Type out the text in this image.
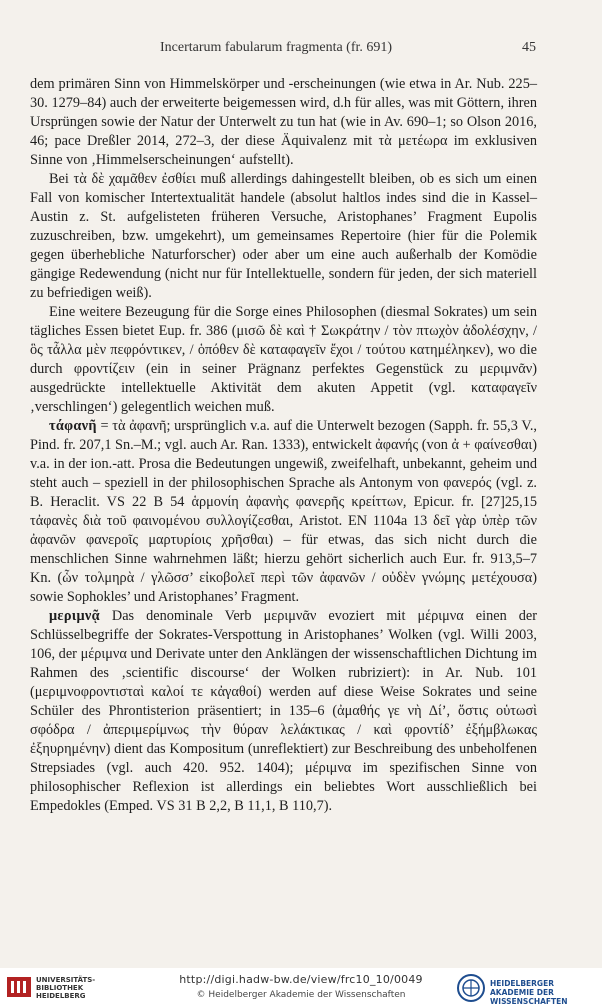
Incertarum fabularum fragmenta (fr. 691)	45

dem primären Sinn von Himmelskörper und -erscheinungen (wie etwa in Ar. Nub. 225–30. 1279–84) auch der erweiterte beigemessen wird, d.h für alles, was mit Göttern, ihren Ursprüngen sowie der Natur der Unterwelt zu tun hat (wie in Av. 690–1; so Olson 2016, 46; pace Dreßler 2014, 272–3, der diese Äquivalenz mit τὰ μετέωρα im exklusiven Sinne von ‚Himmelserscheinungen‘ aufstellt).

Bei τὰ δὲ χαμᾶθεν ἐσθίει muß allerdings dahingestellt bleiben, ob es sich um einen Fall von komischer Intertextualität handele (absolut haltlos indes sind die in Kassel–Austin z. St. aufgelisteten früheren Versuche, Aristophanes’ Fragment Eupolis zuzuschreiben, bzw. umgekehrt), um gemeinsames Repertoire (hier für die Polemik gegen überhebliche Naturforscher) oder aber um eine auch außerhalb der Komödie gängige Redewendung (nicht nur für Intellektuelle, sondern für jeden, der sich materiell zu befriedigen weiß).

Eine weitere Bezeugung für die Sorge eines Philosophen (diesmal Sokrates) um sein tägliches Essen bietet Eup. fr. 386 (μισῶ δὲ καὶ † Σωκράτην / τὸν πτωχὸν ἀδολέσχην, / ὃς τἆλλα μὲν πεφρόντικεν, / ὁπόθεν δὲ καταφαγεῖν ἔχοι / τούτου κατημέληκεν), wo die durch φροντίζειν (ein in seiner Prägnanz perfektes Gegenstück zu μεριμνᾶν) ausgedrückte intellektuelle Aktivität dem akuten Appetit (vgl. καταφαγεῖν ‚verschlingen‘) gelegentlich weichen muß.

τάφανῆ = τὰ ἀφανῆ; ursprünglich v.a. auf die Unterwelt bezogen (Sapph. fr. 55,3 V., Pind. fr. 207,1 Sn.–M.; vgl. auch Ar. Ran. 1333), entwickelt ἀφανής (von ἀ + φαίνεσθαι) v.a. in der ion.-att. Prosa die Bedeutungen ungewiß, zweifelhaft, unbekannt, geheim und steht auch – speziell in der philosophischen Sprache als Antonym von φανερός (vgl. z. B. Heraclit. VS 22 B 54 ἁρμονίη ἀφανὴς φανερῆς κρείττων, Epicur. fr. [27]25,15 τἀφανὲς διὰ τοῦ φαινομένου συλλογίζεσθαι, Aristot. EN 1104a 13 δεῖ γὰρ ὑπὲρ τῶν ἀφανῶν φανεροῖς μαρτυρίοις χρῆσθαι) – für etwas, das sich nicht durch die menschlichen Sinne wahrnehmen läßt; hierzu gehört sicherlich auch Eur. fr. 913,5–7 Kn. (ὧν τολμηρὰ / γλῶσσ’ εἰκοβολεῖ περὶ τῶν ἀφανῶν / οὐδὲν γνώμης μετέχουσα) sowie Sophokles’ und Aristophanes’ Fragment.

μεριμνᾷ Das denominale Verb μεριμνᾶν evoziert mit μέριμνα einen der Schlüsselbegriffe der Sokrates-Verspottung in Aristophanes’ Wolken (vgl. Willi 2003, 106, der μέριμνα und Derivate unter den Anklängen der wissenschaftlichen Dichtung im Rahmen des ‚scientific discourse‘ der Wolken rubriziert): in Ar. Nub. 101 (μεριμνοφροντισταὶ καλοί τε κἀγαθοί) werden auf diese Weise Sokrates und seine Schüler des Phrontisterion präsentiert; in 135–6 (ἀμαθής γε νὴ Δί’, ὅστις οὑτωσὶ σφόδρα / ἀπεριμερίμνως τὴν θύραν λελάκτικας / καὶ φροντίδ’ ἐξήμβλωκας ἐξηυρημένην) dient das Kompositum (unreflektiert) zur Beschreibung des unbeholfenen Strepsiades (vgl. auch 420. 952. 1404); μέριμνα im spezifischen Sinne von philosophischer Reflexion ist allerdings ein beliebtes Wort ausschließlich bei Empedokles (Emped. VS 31 B 2,2, B 11,1, B 110,7).

UNIVERSITÄTS-BIBLIOTHEK HEIDELBERG
http://digi.hadw-bw.de/view/frc10_10/0049
© Heidelberger Akademie der Wissenschaften
HEIDELBERGER AKADEMIE DER WISSENSCHAFTEN
